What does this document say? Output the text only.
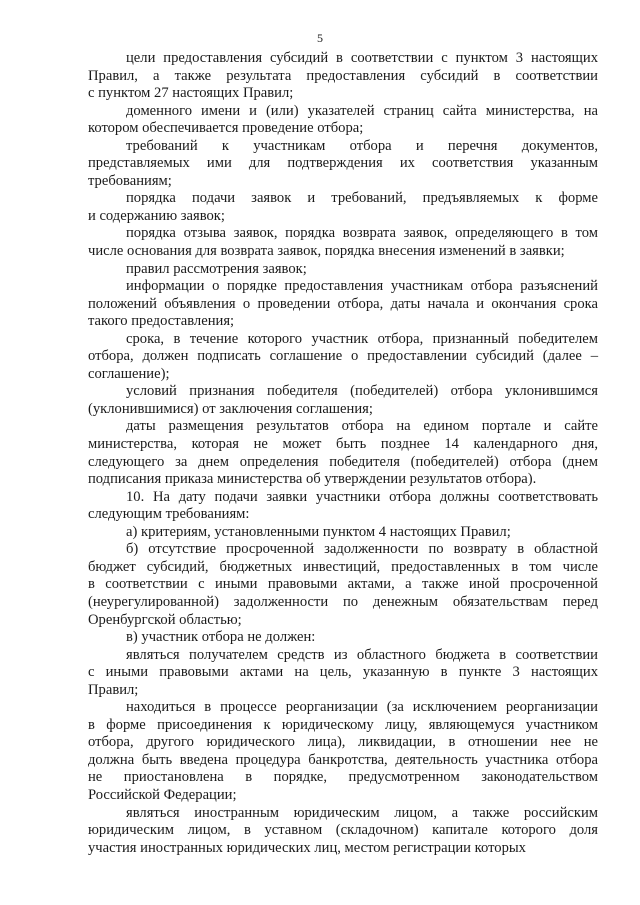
5
цели предоставления субсидий в соответствии с пунктом 3 настоящих
Правил, а также результата предоставления субсидий в соответствии
с пунктом 27 настоящих Правил;
доменного имени и (или) указателей страниц сайта министерства, на
котором обеспечивается проведение отбора;
требований к участникам отбора и перечня документов,
представляемых ими для подтверждения их соответствия указанным
требованиям;
порядка подачи заявок и требований, предъявляемых к форме
и содержанию заявок;
порядка отзыва заявок, порядка возврата заявок, определяющего в том
числе основания для возврата заявок, порядка внесения изменений в заявки;
правил рассмотрения заявок;
информации о порядке предоставления участникам отбора разъяснений
положений объявления о проведении отбора, даты начала и окончания срока
такого предоставления;
срока, в течение которого участник отбора, признанный победителем
отбора, должен подписать соглашение о предоставлении субсидий (далее –
соглашение);
условий признания победителя (победителей) отбора уклонившимся
(уклонившимися) от заключения соглашения;
даты размещения результатов отбора на едином портале и сайте
министерства, которая не может быть позднее 14 календарного дня,
следующего за днем определения победителя (победителей) отбора (днем
подписания приказа министерства об утверждении результатов отбора).
10. На дату подачи заявки участники отбора должны соответствовать
следующим требованиям:
а) критериям, установленными пунктом 4 настоящих Правил;
б) отсутствие просроченной задолженности по возврату в областной
бюджет субсидий, бюджетных инвестиций, предоставленных в том числе
в соответствии с иными правовыми актами, а также иной просроченной
(неурегулированной) задолженности по денежным обязательствам перед
Оренбургской областью;
в) участник отбора не должен:
являться получателем средств из областного бюджета в соответствии
с иными правовыми актами на цель, указанную в пункте 3 настоящих
Правил;
находиться в процессе реорганизации (за исключением реорганизации
в форме присоединения к юридическому лицу, являющемуся участником
отбора, другого юридического лица), ликвидации, в отношении нее не
должна быть введена процедура банкротства, деятельность участника отбора
не приостановлена в порядке, предусмотренном законодательством
Российской Федерации;
являться иностранным юридическим лицом, а также российским
юридическим лицом, в уставном (складочном) капитале которого доля
участия иностранных юридических лиц, местом регистрации которых
